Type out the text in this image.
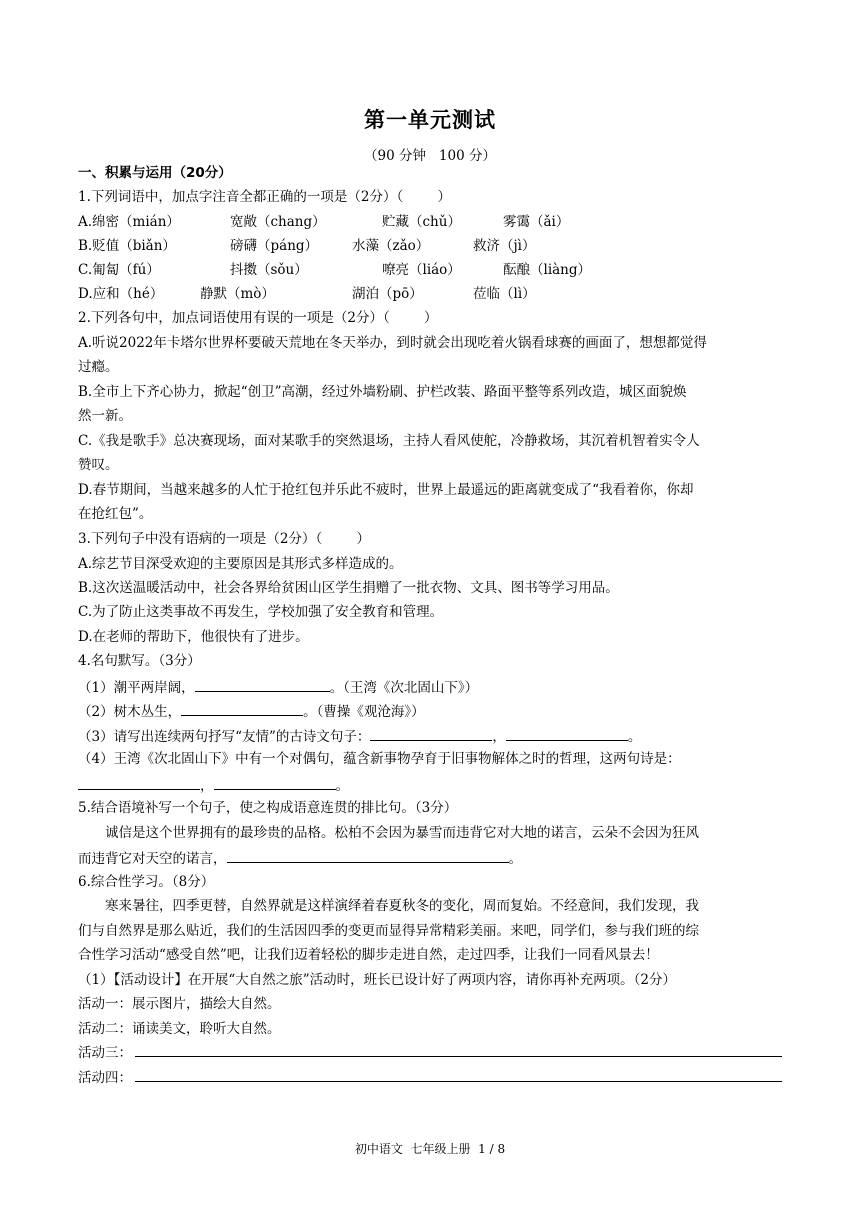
第一单元测试
（90 分钟   100 分）
一、积累与运用（20分）
1.下列词语中，加点字注音全都正确的一项是（2分）（        ）
A.绵密（mián）	宽敞（chang）	贮藏（chǔ）	雾霭（ǎi）
B.贬值（biǎn）	磅礴（páng）	水藻（zǎo）	救济（jì）
C.匍匐（fú）	抖擞（sǒu）	嘹亮（liáo）	酝酿（liàng）
D.应和（hé）	静默（mò）	湖泊（pō）	莅临（lì）
2.下列各句中，加点词语使用有误的一项是（2分）（        ）
A.听说2022年卡塔尔世界杯要破天荒地在冬天举办，到时就会出现吃着火锅看球赛的画面了，想想都觉得
过瘾。
B.全市上下齐心协力，掀起“创卫”高潮，经过外墙粉刷、护栏改装、路面平整等系列改造，城区面貌焕
然一新。
C.《我是歌手》总决赛现场，面对某歌手的突然退场，主持人看风使舵，冷静救场，其沉着机智着实令人
赞叹。
D.春节期间，当越来越多的人忙于抢红包并乐此不疲时，世界上最遥远的距离就变成了“我看着你，你却
在抢红包”。
3.下列句子中没有语病的一项是（2分）（        ）
A.综艺节目深受欢迎的主要原因是其形式多样造成的。
B.这次送温暖活动中，社会各界给贫困山区学生捐赠了一批衣物、文具、图书等学习用品。
C.为了防止这类事故不再发生，学校加强了安全教育和管理。
D.在老师的帮助下，他很快有了进步。
4.名句默写。（3分）
（1）潮平两岸阔，	。（王湾《次北固山下》）
（2）树木丛生，	。（曹操《观沧海》）
（3）请写出连续两句抒写“友情”的古诗文句子：	，	。
（4）王湾《次北固山下》中有一个对偶句，蕴含新事物孕育于旧事物解体之时的哲理，这两句诗是：
，	。
5.结合语境补写一个句子，使之构成语意连贯的排比句。（3分）
诚信是这个世界拥有的最珍贵的品格。松柏不会因为暴雪而违背它对大地的诺言，云朵不会因为狂风
而违背它对天空的诺言，	。
6.综合性学习。（8分）
寒来暑往，四季更替，自然界就是这样演绎着春夏秋冬的变化，周而复始。不经意间，我们发现，我
们与自然界是那么贴近，我们的生活因四季的变更而显得异常精彩美丽。来吧，同学们，参与我们班的综
合性学习活动“感受自然”吧，让我们迈着轻松的脚步走进自然，走过四季，让我们一同看风景去！
（1）【活动设计】在开展“大自然之旅”活动时，班长已设计好了两项内容，请你再补充两项。（2分）
活动一：展示图片，描绘大自然。
活动二：诵读美文，聆听大自然。
活动三：
活动四：
初中语文  七年级上册  1 / 8
